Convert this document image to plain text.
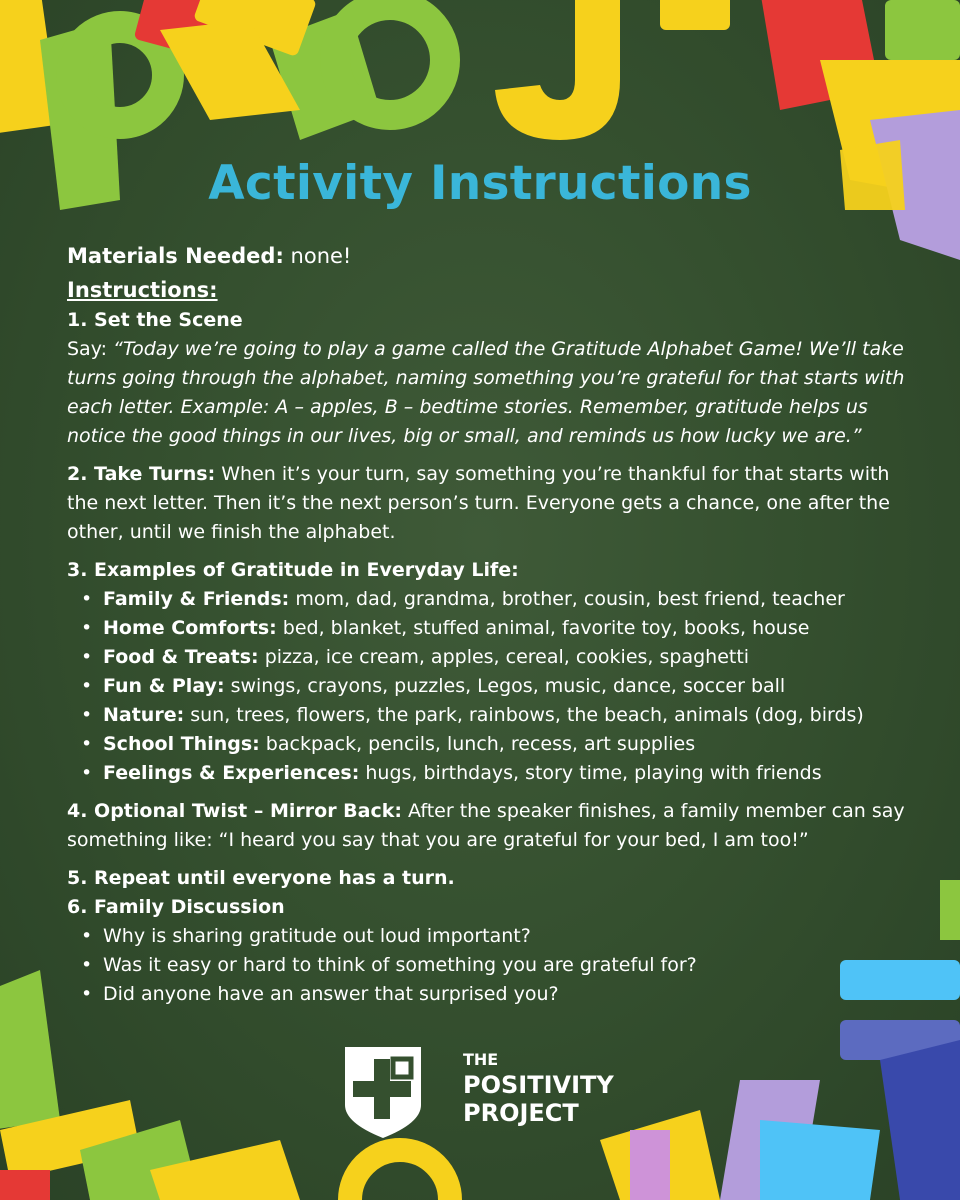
Activity Instructions

Materials Needed: none!

Instructions:

1. Set the Scene

Say: “Today we’re going to play a game called the Gratitude Alphabet Game! We’ll take turns going through the alphabet, naming something you’re grateful for that starts with each letter. Example: A – apples, B – bedtime stories. Remember, gratitude helps us notice the good things in our lives, big or small, and reminds us how lucky we are.”

2. Take Turns: When it’s your turn, say something you’re thankful for that starts with the next letter. Then it’s the next person’s turn. Everyone gets a chance, one after the other, until we finish the alphabet.

3. Examples of Gratitude in Everyday Life:

• Family & Friends: mom, dad, grandma, brother, cousin, best friend, teacher
• Home Comforts: bed, blanket, stuffed animal, favorite toy, books, house
• Food & Treats: pizza, ice cream, apples, cereal, cookies, spaghetti
• Fun & Play: swings, crayons, puzzles, Legos, music, dance, soccer ball
• Nature: sun, trees, flowers, the park, rainbows, the beach, animals (dog, birds)
• School Things: backpack, pencils, lunch, recess, art supplies
• Feelings & Experiences: hugs, birthdays, story time, playing with friends

4. Optional Twist – Mirror Back: After the speaker finishes, a family member can say something like: “I heard you say that you are grateful for your bed, I am too!”

5. Repeat until everyone has a turn.

6. Family Discussion

• Why is sharing gratitude out loud important?
• Was it easy or hard to think of something you are grateful for?
• Did anyone have an answer that surprised you?
THE
POSITIVITY
PROJECT
